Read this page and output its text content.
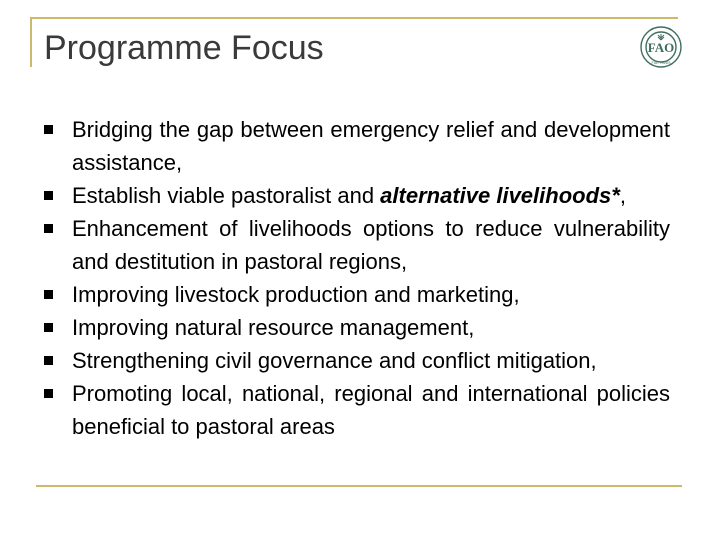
Programme Focus	FAO
FIAT PANIS
Bridging the gap between emergency relief and development assistance,
Establish viable pastoralist and alternative livelihoods*,
Enhancement of livelihoods options to reduce vulnerability and destitution in pastoral regions,
Improving livestock production and marketing,
Improving natural resource management,
Strengthening civil governance and conflict mitigation,
Promoting local, national, regional and international policies beneficial to pastoral areas
